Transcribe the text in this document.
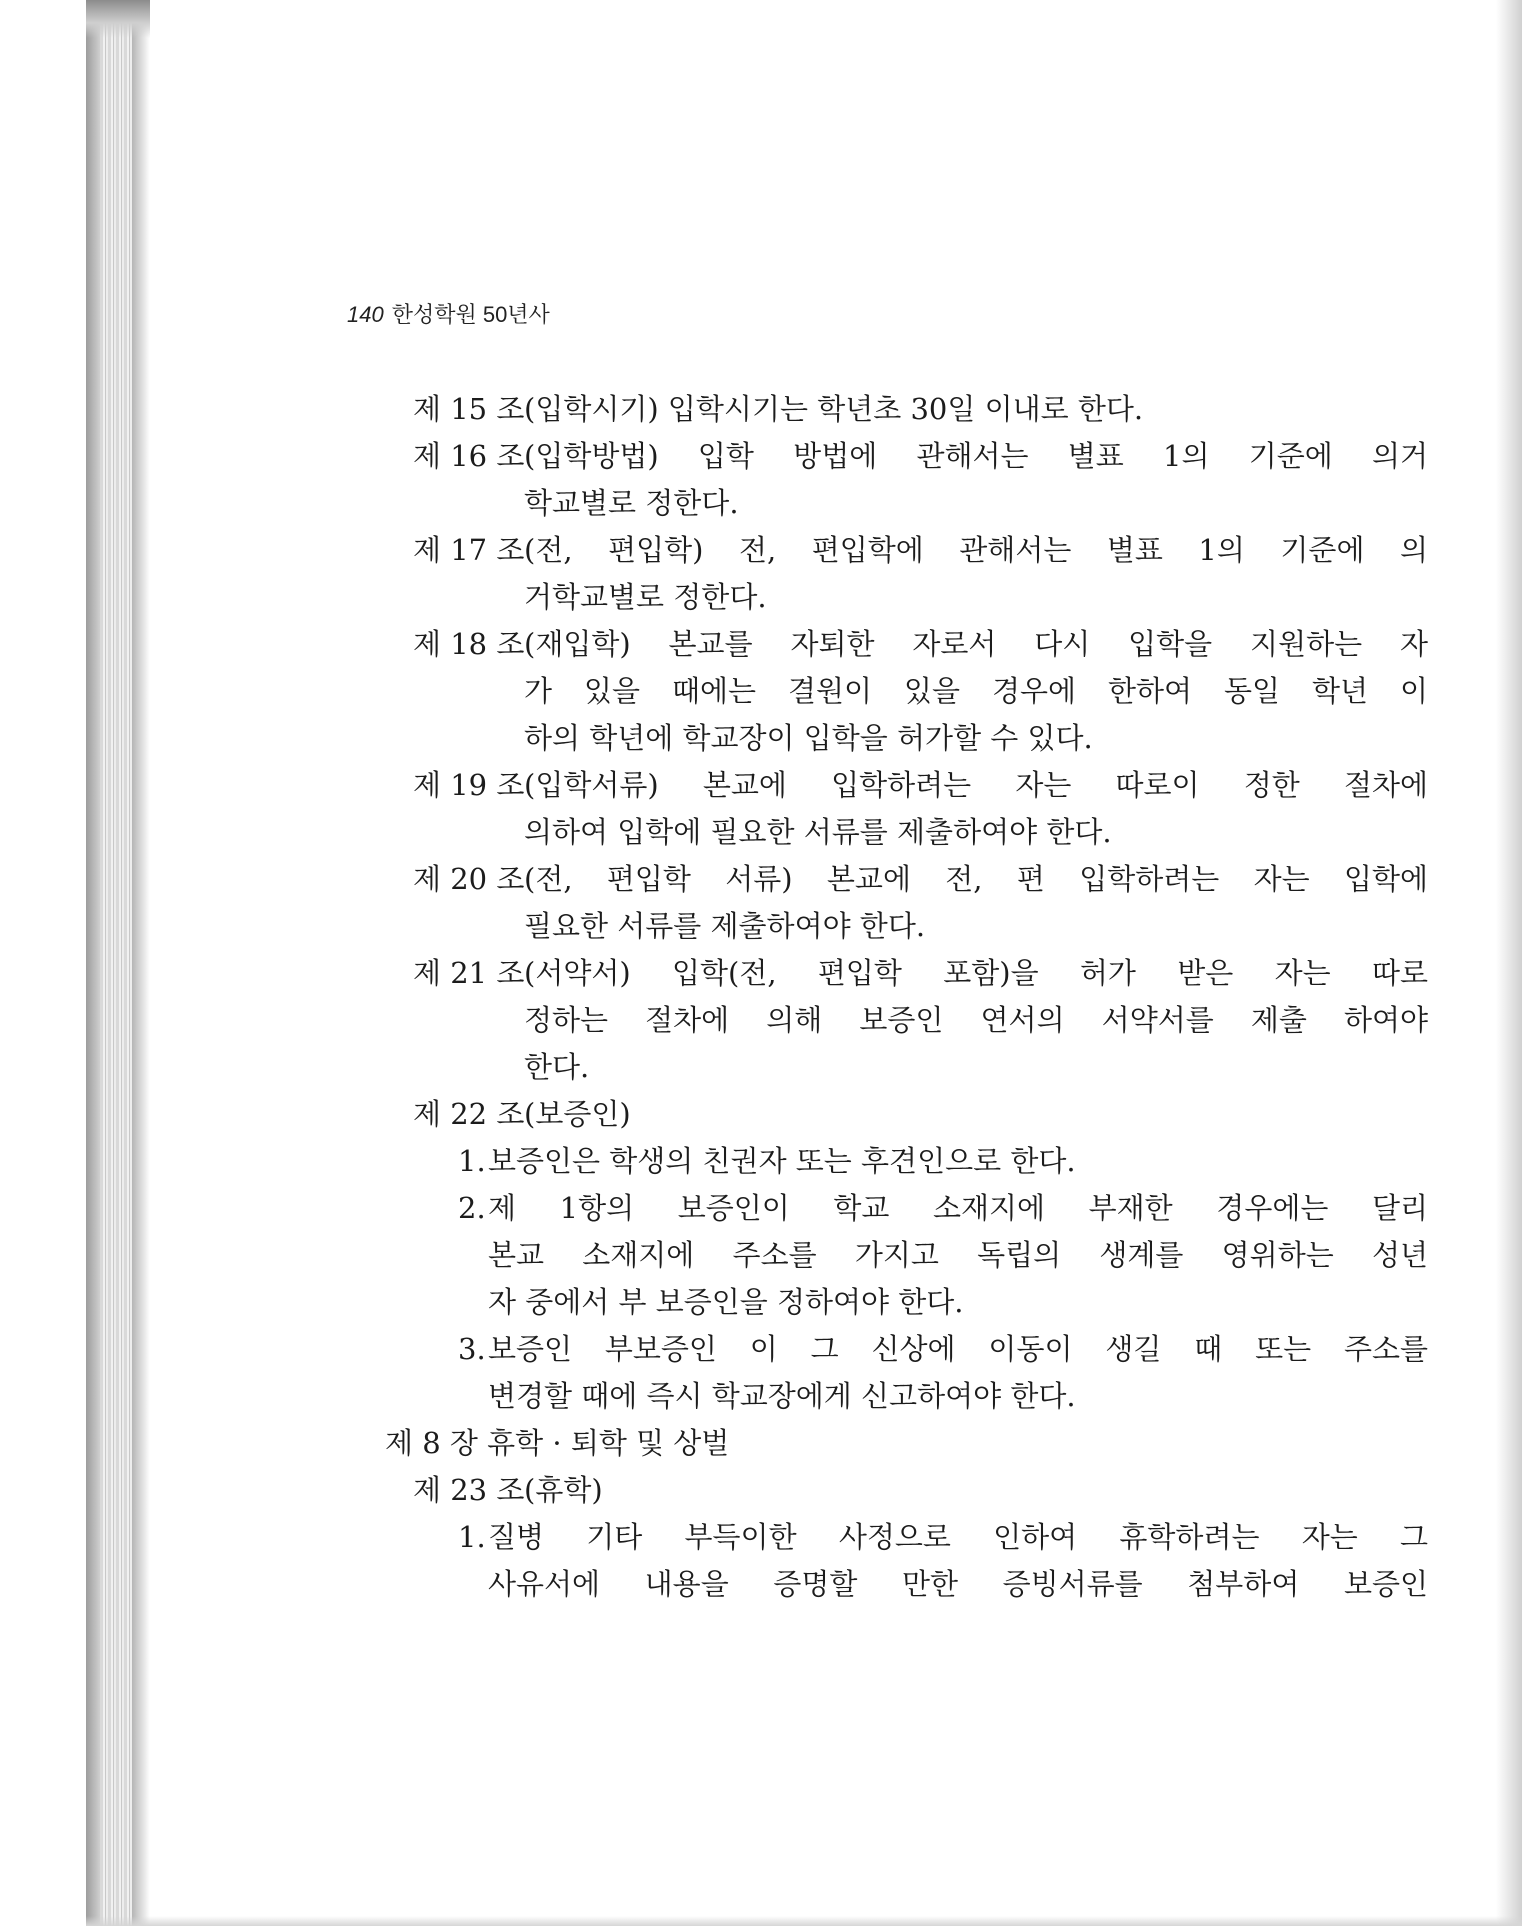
140 한성학원 50년사
제 15 조 (입학시기) 입학시기는 학년초 30일 이내로 한다.
제 16 조 (입학방법) 입학 방법에 관해서는 별표 1의 기준에 의거
학교별로 정한다.
제 17 조 (전, 편입학) 전, 편입학에 관해서는 별표 1의 기준에 의
거학교별로 정한다.
제 18 조 (재입학) 본교를 자퇴한 자로서 다시 입학을 지원하는 자
가 있을 때에는 결원이 있을 경우에 한하여 동일 학년 이
하의 학년에 학교장이 입학을 허가할 수 있다.
제 19 조 (입학서류) 본교에 입학하려는 자는 따로이 정한 절차에
의하여 입학에 필요한 서류를 제출하여야 한다.
제 20 조 (전, 편입학 서류) 본교에 전, 편 입학하려는 자는 입학에
필요한 서류를 제출하여야 한다.
제 21 조 (서약서) 입학(전, 편입학 포함)을 허가 받은 자는 따로
정하는 절차에 의해 보증인 연서의 서약서를 제출 하여야
한다.
제 22 조 (보증인)
1. 보증인은 학생의 친권자 또는 후견인으로 한다.
2. 제 1항의 보증인이 학교 소재지에 부재한 경우에는 달리
본교 소재지에 주소를 가지고 독립의 생계를 영위하는 성년
자 중에서 부 보증인을 정하여야 한다.
3. 보증인 부보증인 이 그 신상에 이동이 생길 때 또는 주소를
변경할 때에 즉시 학교장에게 신고하여야 한다.
제 8 장 휴학 · 퇴학 및 상벌
제 23 조 (휴학)
1. 질병 기타 부득이한 사정으로 인하여 휴학하려는 자는 그
사유서에 내용을 증명할 만한 증빙서류를 첨부하여 보증인
